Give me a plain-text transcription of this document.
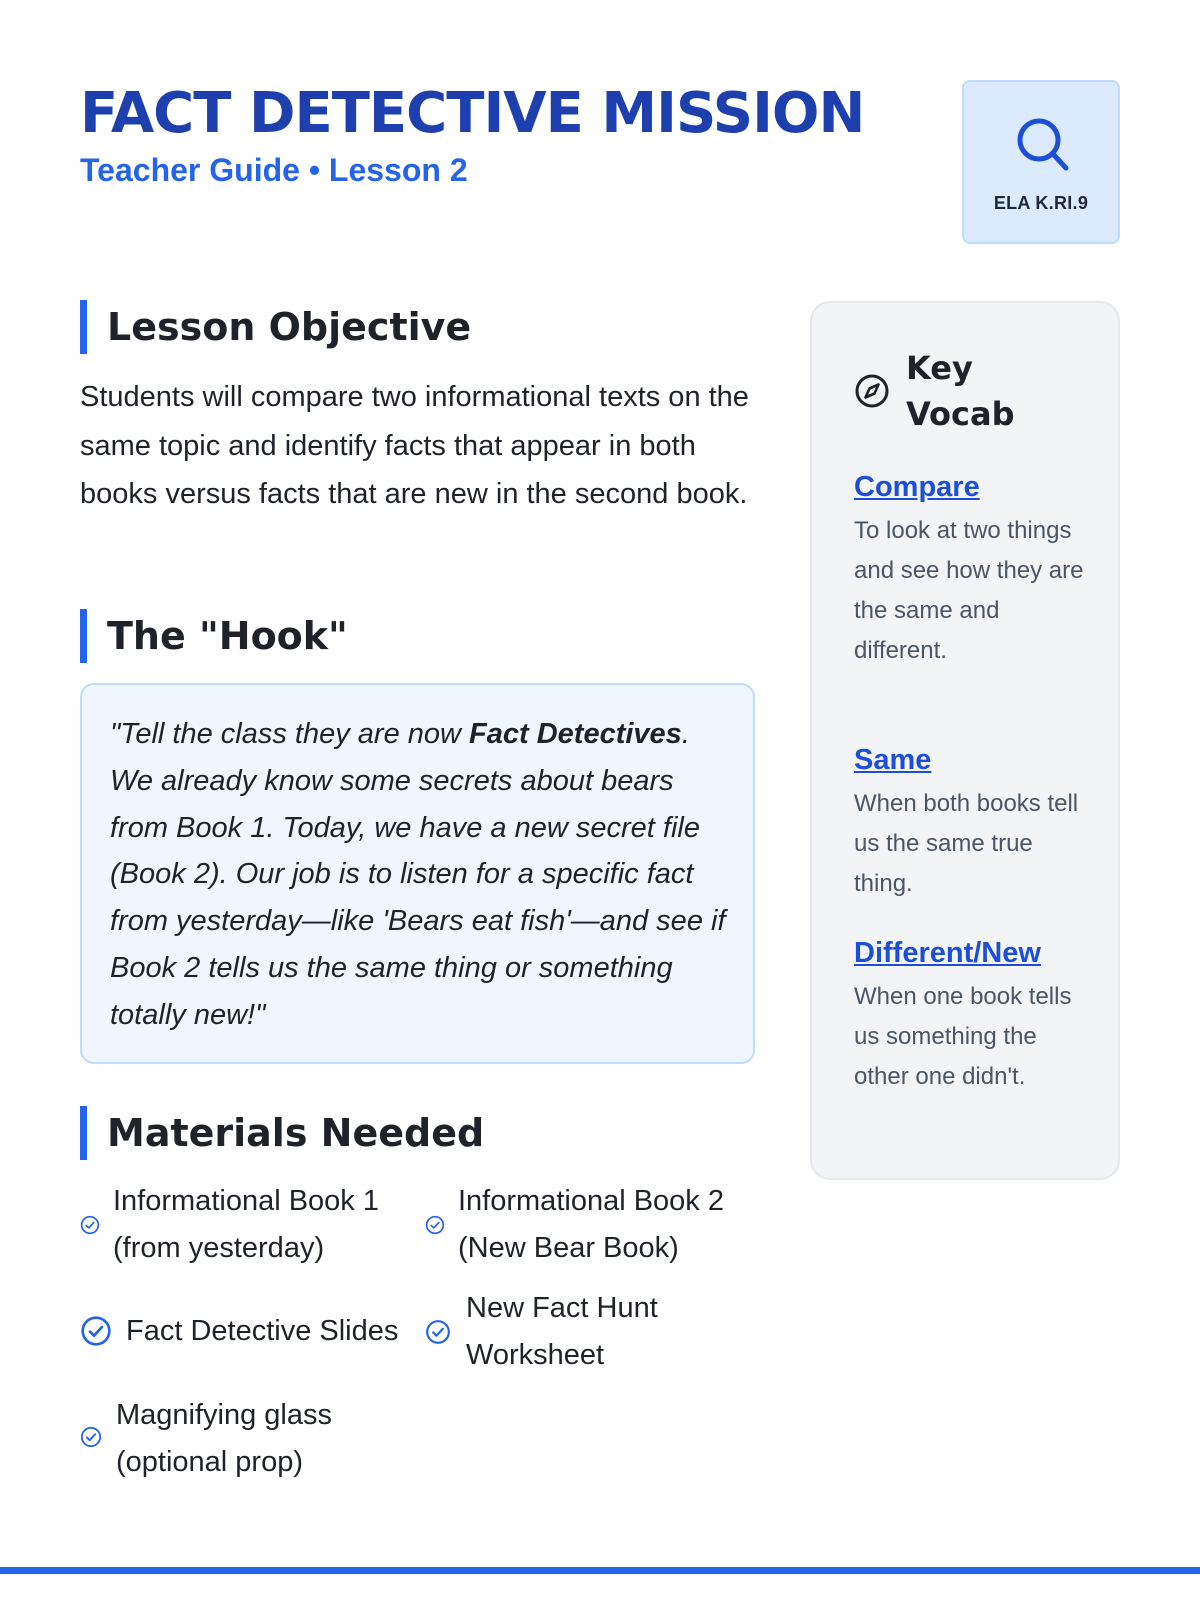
FACT DETECTIVE MISSION
Teacher Guide • Lesson 2
ELA K.RI.9
Lesson Objective

Students will compare two informational texts on the same topic and identify facts that appear in both books versus facts that are new in the second book.

The "Hook"

"Tell the class they are now Fact Detectives. We already know some secrets about bears from Book 1. Today, we have a new secret file (Book 2). Our job is to listen for a specific fact from yesterday—like 'Bears eat fish'—and see if Book 2 tells us the same thing or something totally new!"

Materials Needed
Informational Book 1 (from yesterday)
Informational Book 2 (New Bear Book)
Fact Detective Slides
New Fact Hunt Worksheet
Magnifying glass (optional prop)
Key Vocab
Compare
To look at two things and see how they are the same and different.
Same
When both books tell us the same true thing.
Different/New
When one book tells us something the other one didn't.
